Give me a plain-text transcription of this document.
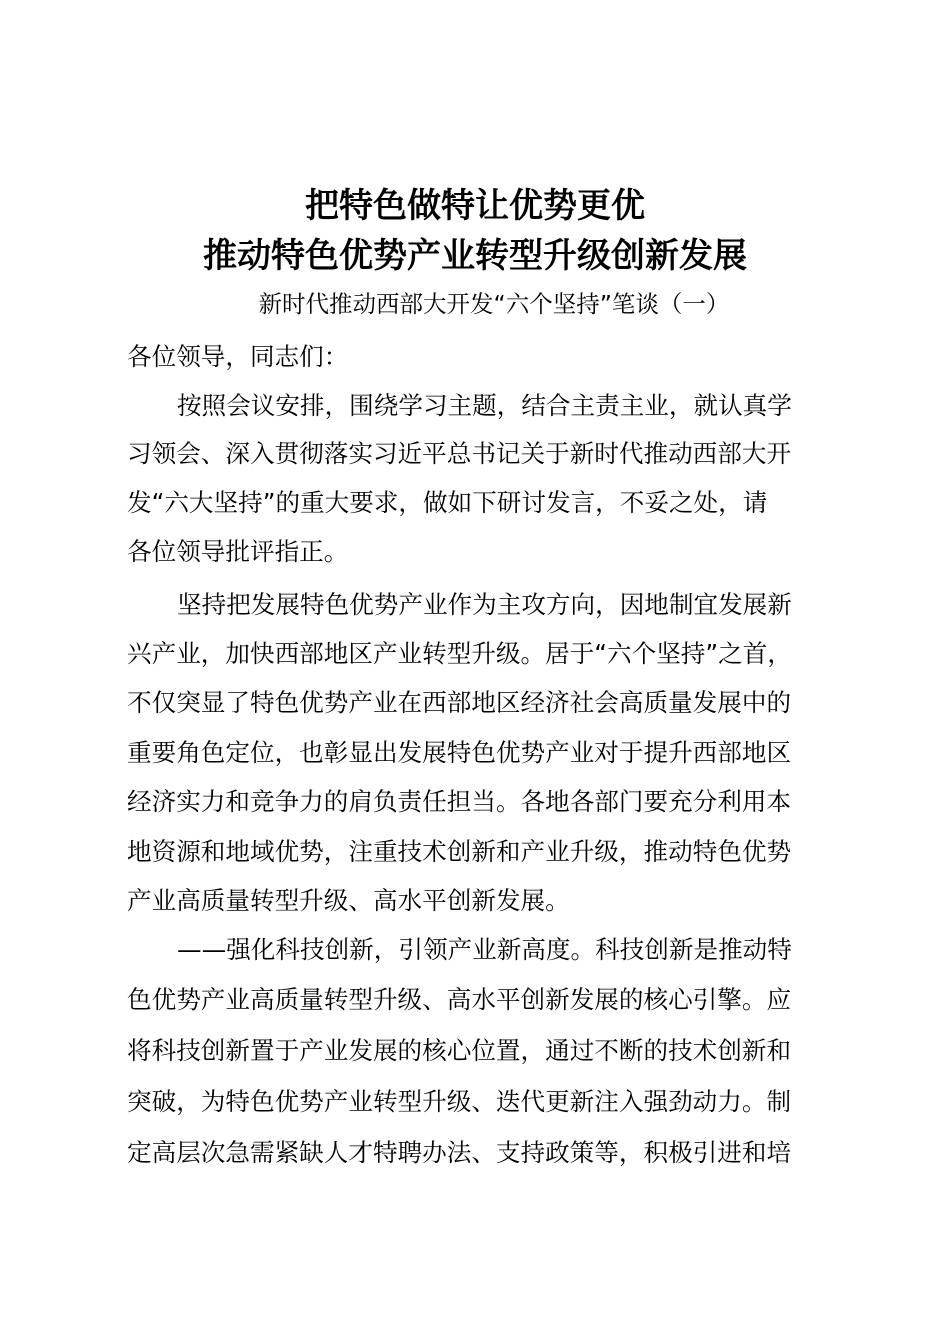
把特色做特让优势更优
推动特色优势产业转型升级创新发展
新时代推动西部大开发“六个坚持”笔谈（一）
各位领导，同志们：
按照会议安排，围绕学习主题，结合主责主业，就认真学
习领会、深入贯彻落实习近平总书记关于新时代推动西部大开
发“六大坚持”的重大要求，做如下研讨发言，不妥之处，请
各位领导批评指正。
坚持把发展特色优势产业作为主攻方向，因地制宜发展新
兴产业，加快西部地区产业转型升级。居于“六个坚持”之首，
不仅突显了特色优势产业在西部地区经济社会高质量发展中的
重要角色定位，也彰显出发展特色优势产业对于提升西部地区
经济实力和竞争力的肩负责任担当。各地各部门要充分利用本
地资源和地域优势，注重技术创新和产业升级，推动特色优势
产业高质量转型升级、高水平创新发展。
——强化科技创新，引领产业新高度。科技创新是推动特
色优势产业高质量转型升级、高水平创新发展的核心引擎。应
将科技创新置于产业发展的核心位置，通过不断的技术创新和
突破，为特色优势产业转型升级、迭代更新注入强劲动力。制
定高层次急需紧缺人才特聘办法、支持政策等，积极引进和培
